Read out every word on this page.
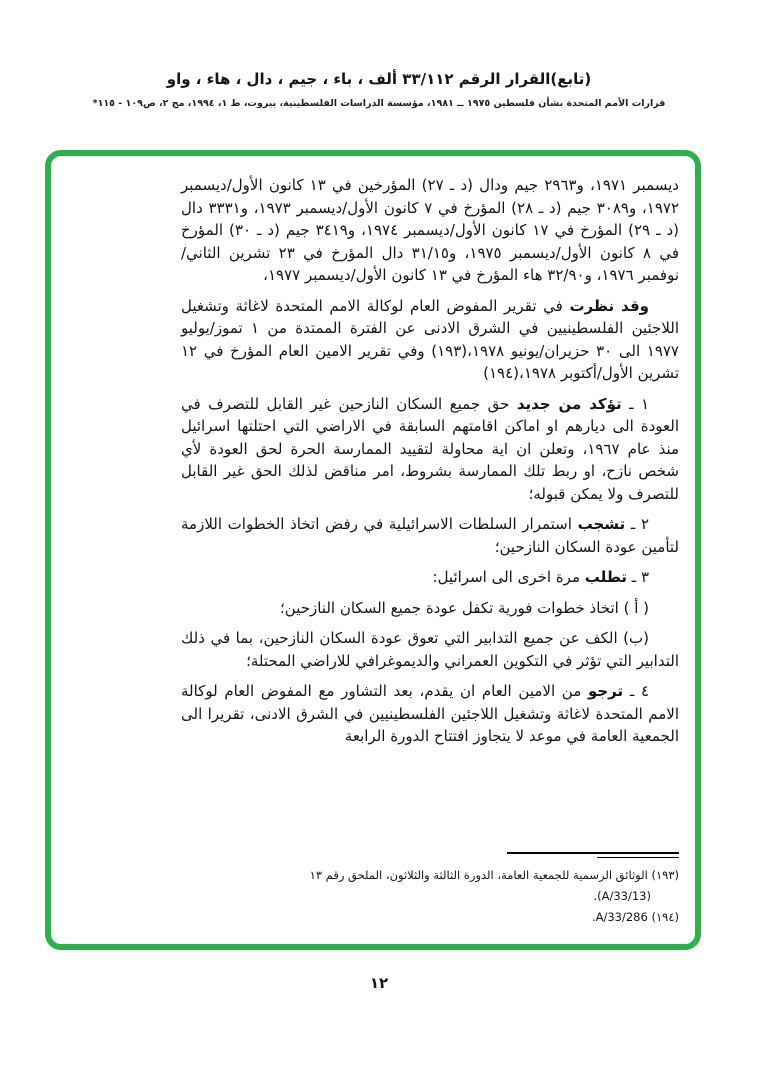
(تابع)القرار الرقم ٣٣/١١٢ ألف ، باء ، جيم ، دال ، هاء ، واو
قرارات الأمم المتحدة بشأن فلسطين ١٩٧٥ ــ ١٩٨١، مؤسسة الدراسات الفلسطينية، بيروت، ط ١، ١٩٩٤، مج ٢، ص١٠٩ - ١١٥*

ديسمبر ١٩٧١، و٢٩٦٣ جيم ودال (د ـ ٢٧) المؤرخين في ١٣ كانون الأول/ديسمبر ١٩٧٢، و٣٠٨٩ جيم (د ـ ٢٨) المؤرخ في ٧ كانون الأول/ديسمبر ١٩٧٣، و٣٣٣١ دال (د ـ ٢٩) المؤرخ في ١٧ كانون الأول/ديسمبر ١٩٧٤، و٣٤١٩ جيم (د ـ ٣٠) المؤرخ في ٨ كانون الأول/ديسمبر ١٩٧٥، و٣١/١٥ دال المؤرخ في ٢٣ تشرين الثاني/نوفمبر ١٩٧٦، و٣٢/٩٠ هاء المؤرخ في ١٣ كانون الأول/ديسمبر ١٩٧٧،

وقد نظرت في تقرير المفوض العام لوكالة الامم المتحدة لاغاثة وتشغيل اللاجئين الفلسطينيين في الشرق الادنى عن الفترة الممتدة من ١ تموز/يوليو ١٩٧٧ الى ٣٠ حزيران/يونيو ١٩٧٨،(١٩٣) وفي تقرير الامين العام المؤرخ في ١٢ تشرين الأول/أكتوبر ١٩٧٨،(١٩٤)

١ ـ تؤكد من جديد حق جميع السكان النازحين غير القابل للتصرف في العودة الى ديارهم او اماكن اقامتهم السابقة في الاراضي التي احتلتها اسرائيل منذ عام ١٩٦٧، وتعلن ان اية محاولة لتقييد الممارسة الحرة لحق العودة لأي شخص نازح، او ربط تلك الممارسة بشروط، امر مناقض لذلك الحق غير القابل للتصرف ولا يمكن قبوله؛

٢ ـ تشجب استمرار السلطات الاسرائيلية في رفض اتخاذ الخطوات اللازمة لتأمين عودة السكان النازحين؛

٣ ـ تطلب مرة اخرى الى اسرائيل:

( أ ) اتخاذ خطوات فورية تكفل عودة جميع السكان النازحين؛

(ب) الكف عن جميع التدابير التي تعوق عودة السكان النازحين، بما في ذلك التدابير التي تؤثر في التكوين العمراني والديموغرافي للاراضي المحتلة؛

٤ ـ ترجو من الامين العام ان يقدم، بعد التشاور مع المفوض العام لوكالة الامم المتحدة لاغاثة وتشغيل اللاجئين الفلسطينيين في الشرق الادنى، تقريرا الى الجمعية العامة في موعد لا يتجاوز افتتاح الدورة الرابعة

(١٩٣) الوثائق الرسمية للجمعية العامة، الدورة الثالثة والثلاثون، الملحق رقم ١٣
(A/33/13).
(١٩٤) A/33/286.
١٢
